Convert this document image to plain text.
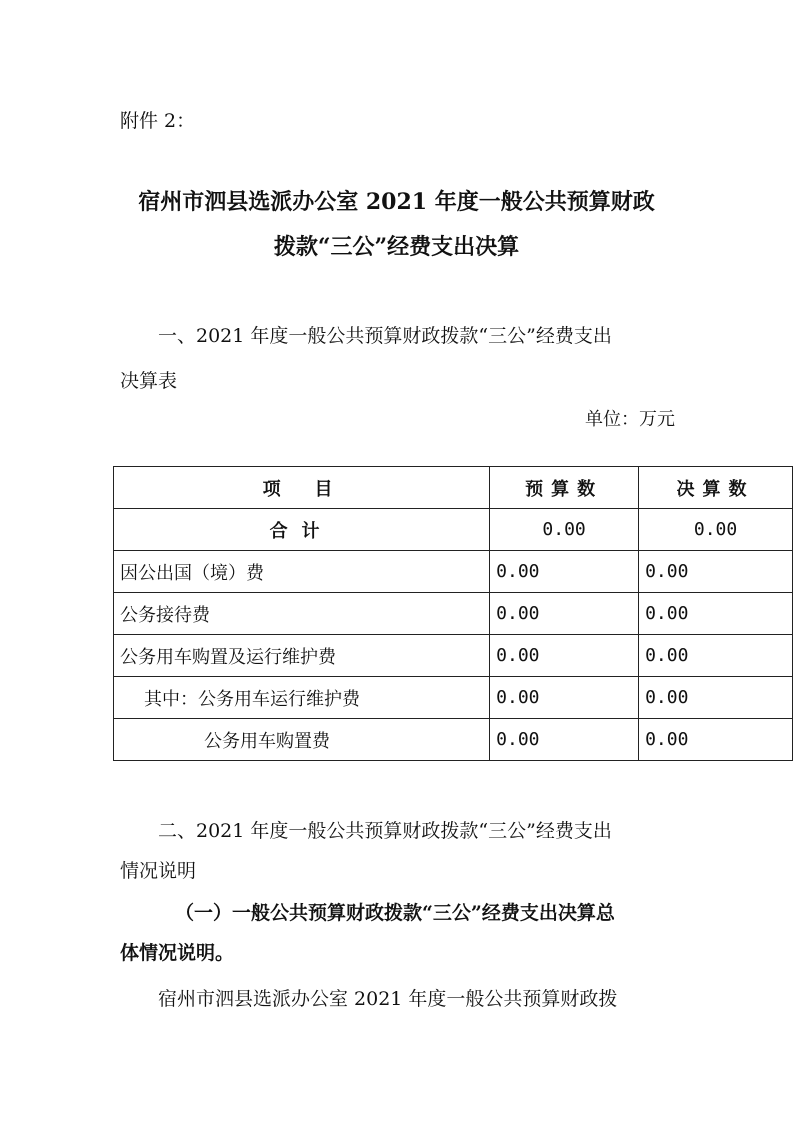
附件 2：
宿州市泗县选派办公室 2021 年度一般公共预算财政
拨款“三公”经费支出决算
一、2021 年度一般公共预算财政拨款“三公”经费支出
决算表
单位：万元
项　目	预算数	决算数
合计	0.00	0.00
因公出国（境）费	0.00	0.00
公务接待费	0.00	0.00
公务用车购置及运行维护费	0.00	0.00
其中：公务用车运行维护费	0.00	0.00
公务用车购置费	0.00	0.00
二、2021 年度一般公共预算财政拨款“三公”经费支出
情况说明
（一）一般公共预算财政拨款“三公”经费支出决算总
体情况说明。
宿州市泗县选派办公室 2021 年度一般公共预算财政拨
